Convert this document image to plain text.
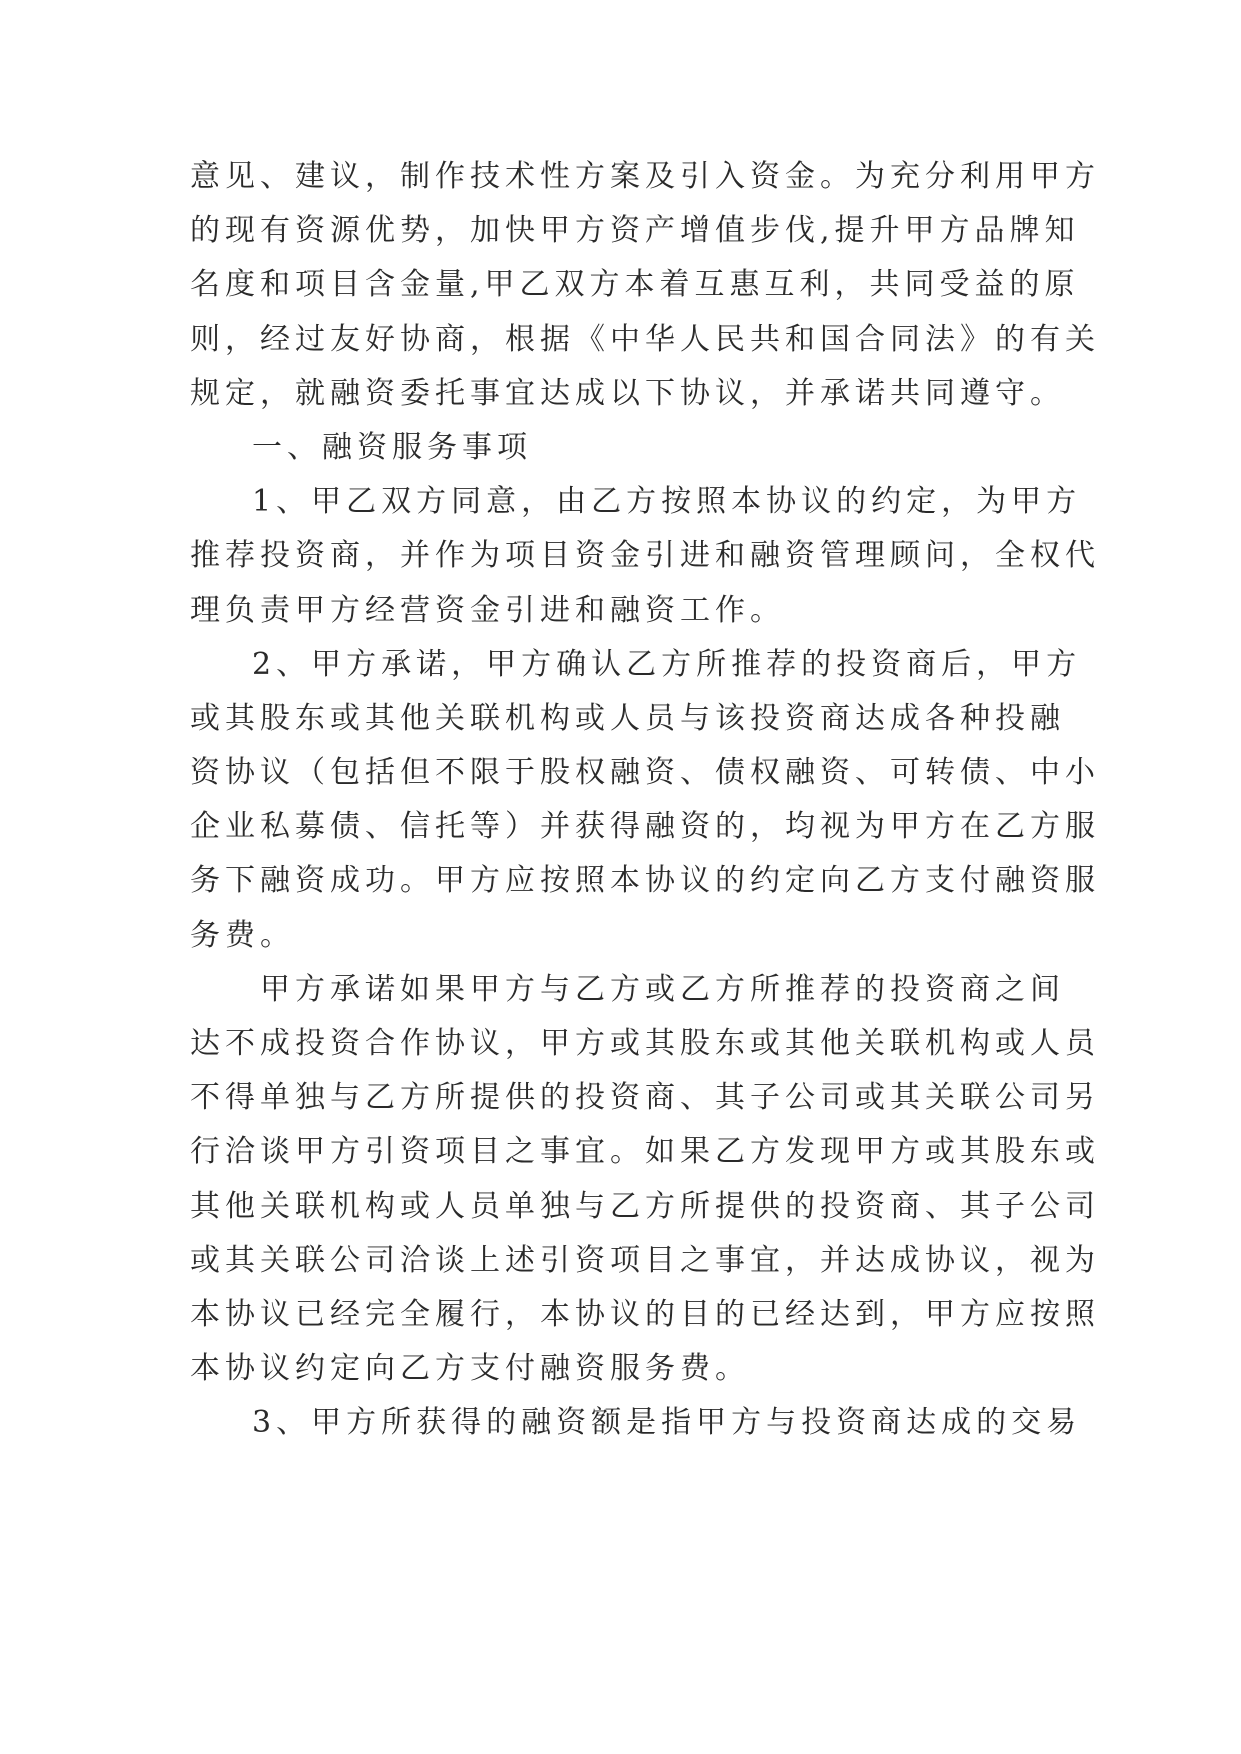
意见、建议，制作技术性方案及引入资金。为充分利用甲方
的现有资源优势，加快甲方资产增值步伐,提升甲方品牌知
名度和项目含金量,甲乙双方本着互惠互利，共同受益的原
则，经过友好协商，根据《中华人民共和国合同法》的有关
规定，就融资委托事宜达成以下协议，并承诺共同遵守。
一、融资服务事项
1、甲乙双方同意，由乙方按照本协议的约定，为甲方
推荐投资商，并作为项目资金引进和融资管理顾问，全权代
理负责甲方经营资金引进和融资工作。
2、甲方承诺，甲方确认乙方所推荐的投资商后，甲方
或其股东或其他关联机构或人员与该投资商达成各种投融
资协议（包括但不限于股权融资、债权融资、可转债、中小
企业私募债、信托等）并获得融资的，均视为甲方在乙方服
务下融资成功。甲方应按照本协议的约定向乙方支付融资服
务费。
甲方承诺如果甲方与乙方或乙方所推荐的投资商之间
达不成投资合作协议，甲方或其股东或其他关联机构或人员
不得单独与乙方所提供的投资商、其子公司或其关联公司另
行洽谈甲方引资项目之事宜。如果乙方发现甲方或其股东或
其他关联机构或人员单独与乙方所提供的投资商、其子公司
或其关联公司洽谈上述引资项目之事宜，并达成协议，视为
本协议已经完全履行，本协议的目的已经达到，甲方应按照
本协议约定向乙方支付融资服务费。
3、甲方所获得的融资额是指甲方与投资商达成的交易
